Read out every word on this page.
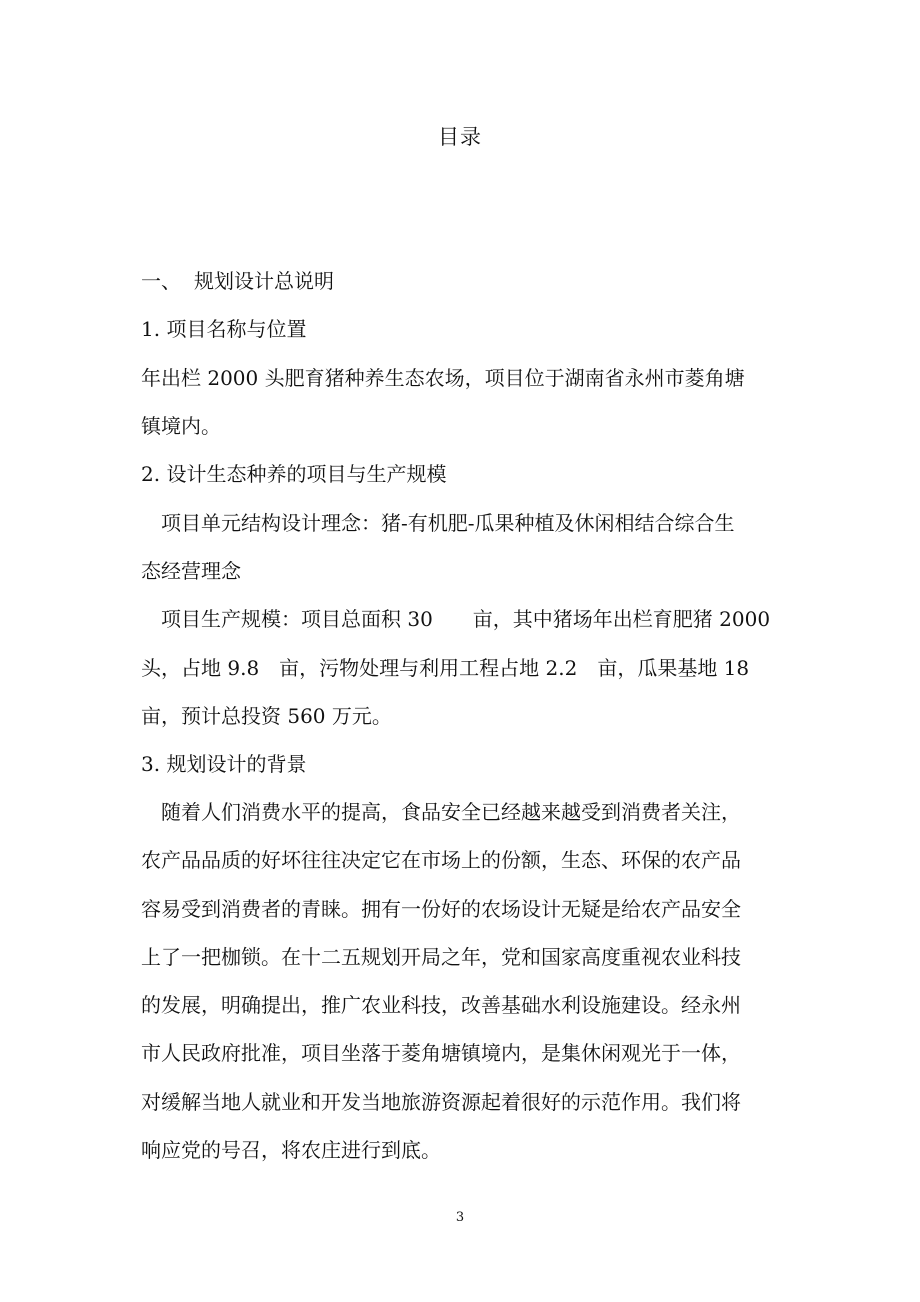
目录
一、 规划设计总说明
1. 项目名称与位置
年出栏 2000 头肥育猪种养生态农场，项目位于湖南省永州市菱角塘
镇境内。
2. 设计生态种养的项目与生产规模
项目单元结构设计理念：猪-有机肥-瓜果种植及休闲相结合综合生
态经营理念
项目生产规模：项目总面积 30　　亩，其中猪场年出栏育肥猪 2000
头，占地 9.8　亩，污物处理与利用工程占地 2.2　亩，瓜果基地 18
亩，预计总投资 560 万元。
3. 规划设计的背景
随着人们消费水平的提高，食品安全已经越来越受到消费者关注，
农产品品质的好坏往往决定它在市场上的份额，生态、环保的农产品
容易受到消费者的青睐。拥有一份好的农场设计无疑是给农产品安全
上了一把枷锁。在十二五规划开局之年，党和国家高度重视农业科技
的发展，明确提出，推广农业科技，改善基础水利设施建设。经永州
市人民政府批准，项目坐落于菱角塘镇境内，是集休闲观光于一体，
对缓解当地人就业和开发当地旅游资源起着很好的示范作用。我们将
响应党的号召，将农庄进行到底。
3
